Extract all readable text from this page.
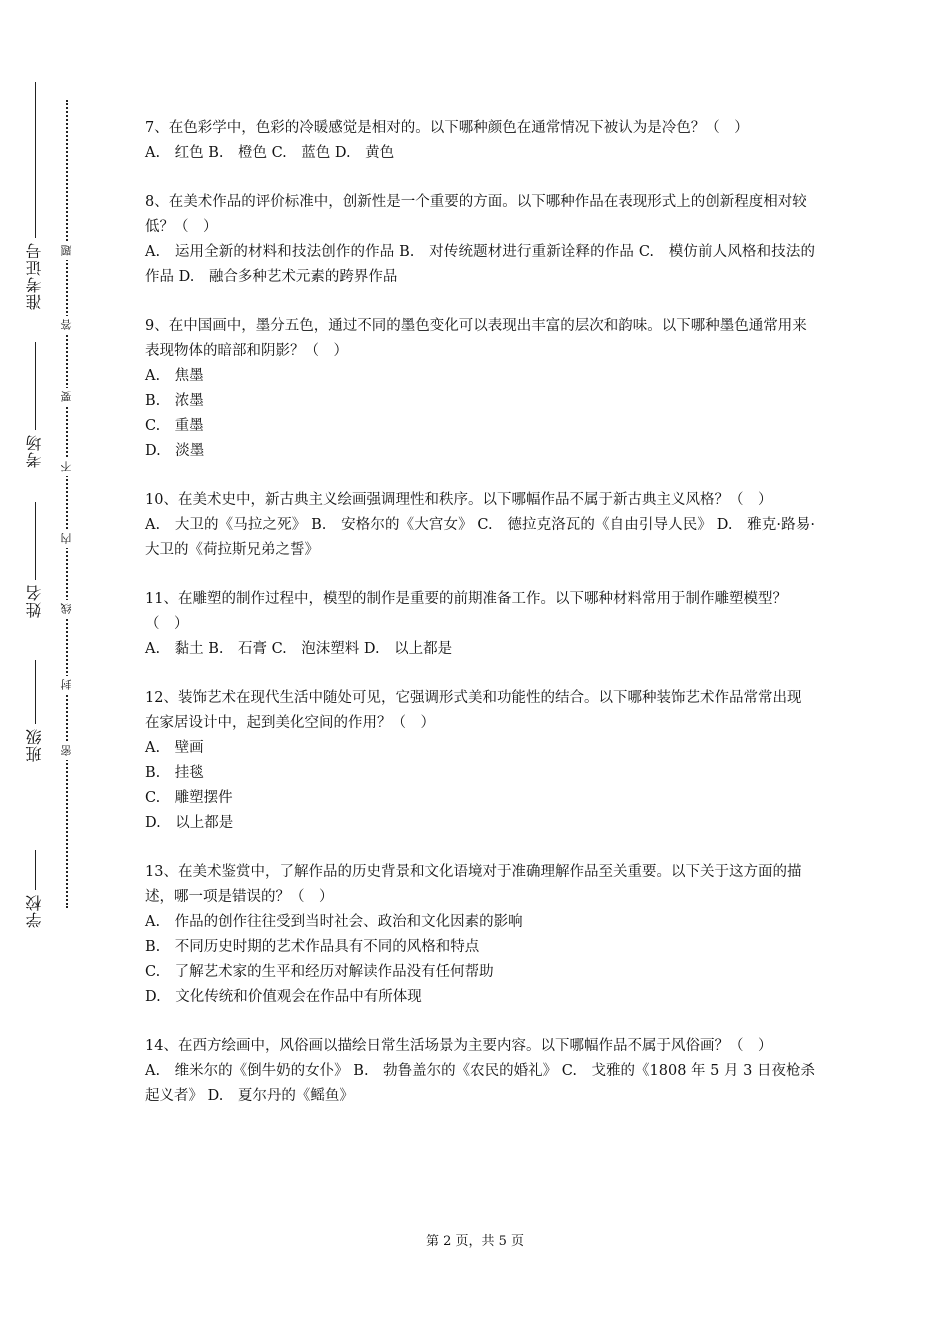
学校
班级
姓名
考场
准考证号
密
封
线
内
不
要
答
题

7、在色彩学中，色彩的冷暖感觉是相对的。以下哪种颜色在通常情况下被认为是冷色？（　）

A.　红色 B.　橙色 C.　蓝色 D.　黄色

8、在美术作品的评价标准中，创新性是一个重要的方面。以下哪种作品在表现形式上的创新程度相对较低？（　）

A.　运用全新的材料和技法创作的作品 B.　对传统题材进行重新诠释的作品 C.　模仿前人风格和技法的作品 D.　融合多种艺术元素的跨界作品

9、在中国画中，墨分五色，通过不同的墨色变化可以表现出丰富的层次和韵味。以下哪种墨色通常用来表现物体的暗部和阴影？（　）

A.　焦墨

B.　浓墨

C.　重墨

D.　淡墨

10、在美术史中，新古典主义绘画强调理性和秩序。以下哪幅作品不属于新古典主义风格？（　）

A.　大卫的《马拉之死》 B.　安格尔的《大宫女》 C.　德拉克洛瓦的《自由引导人民》 D.　雅克·路易·大卫的《荷拉斯兄弟之誓》

11、在雕塑的制作过程中，模型的制作是重要的前期准备工作。以下哪种材料常用于制作雕塑模型？（　）

A.　黏土 B.　石膏 C.　泡沫塑料 D.　以上都是

12、装饰艺术在现代生活中随处可见，它强调形式美和功能性的结合。以下哪种装饰艺术作品常常出现在家居设计中，起到美化空间的作用？（　）

A.　壁画

B.　挂毯

C.　雕塑摆件

D.　以上都是

13、在美术鉴赏中，了解作品的历史背景和文化语境对于准确理解作品至关重要。以下关于这方面的描述，哪一项是错误的？（　）

A.　作品的创作往往受到当时社会、政治和文化因素的影响

B.　不同历史时期的艺术作品具有不同的风格和特点

C.　了解艺术家的生平和经历对解读作品没有任何帮助

D.　文化传统和价值观会在作品中有所体现

14、在西方绘画中，风俗画以描绘日常生活场景为主要内容。以下哪幅作品不属于风俗画？（　）

A.　维米尔的《倒牛奶的女仆》 B.　勃鲁盖尔的《农民的婚礼》 C.　戈雅的《1808 年 5 月 3 日夜枪杀起义者》 D.　夏尔丹的《鳐鱼》

第 2 页，共 5 页
